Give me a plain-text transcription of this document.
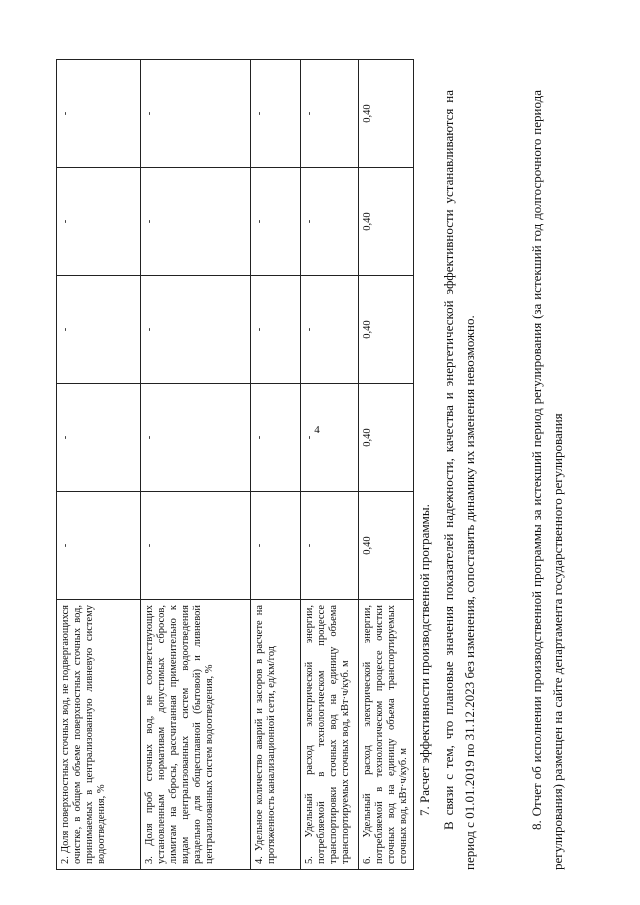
4
2. Доля поверхностных сточных вод, не подвергающихся очистке, в общем объеме поверхностных сточных вод, принимаемых в централизованную ливневую систему водоотведения, %	-	-	-	-	-
3. Доля проб сточных вод, не соответствующих установленным нормативам допустимых сбросов, лимитам на сбросы, рассчитанная применительно к видам централизованных систем водоотведения раздельно для общесплавной (бытовой) и ливневой централизованных систем водоотведения, %	-	-	-	-	-
4. Удельное количество аварий и засоров в расчете на протяженность канализационной сети, ед/км/год	-	-	-	-	-
5. Удельный расход электрической энергии, потребляемой в технологическом процессе транспортировки сточных вод на единицу объема транспортируемых сточных вод, кВт·ч/куб. м	-	-	-	-	-
6. Удельный расход электрической энергии, потребляемой в технологическом процессе очистки сточных вод на единицу объема транспортируемых сточных вод, кВт·ч/куб. м	0,40	0,40	0,40	0,40	0,40
7. Расчет эффективности производственной программы. В связи с тем, что плановые значения показателей надежности, качества и энергетической эффективности устанавливаются на период с 01.01.2019 по 31.12.2023 без изменения, сопоставить динамику их изменения невозможно.	8. Отчет об исполнении производственной программы за истекший период регулирования (за истекший год долгосрочного периода регулирования) размещен на сайте департамента государственного регулирования
